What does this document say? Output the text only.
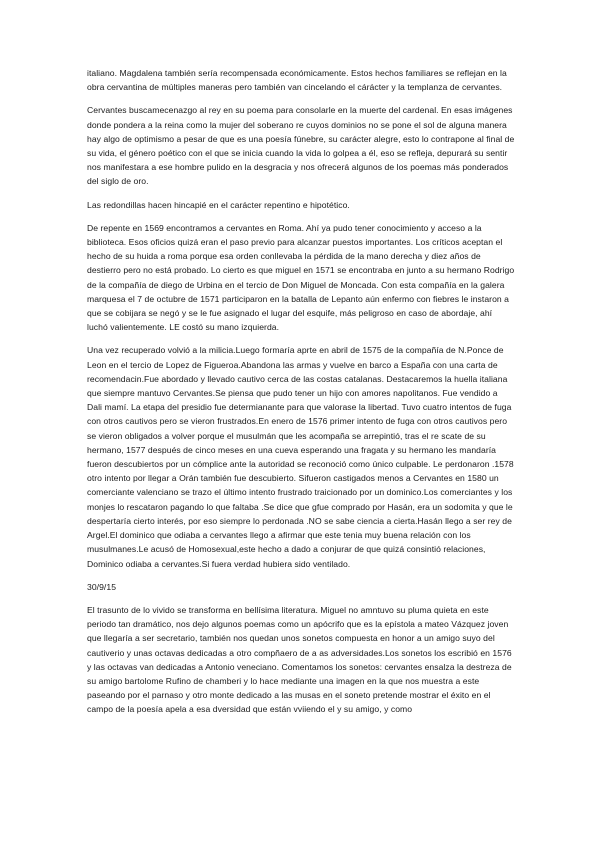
italiano. Magdalena también sería recompensada económicamente. Estos hechos familiares se reflejan en la obra cervantina de múltiples maneras pero también van cincelando el cárácter y la templanza de cervantes.

Cervantes buscamecenazgo al rey en su poema para consolarle en la muerte del cardenal. En esas imágenes donde pondera a la reina como la mujer del soberano re cuyos dominios no se pone el sol de alguna manera hay algo de optimismo a pesar de que es una poesía fúnebre, su carácter alegre, esto lo contrapone al final de su vida, el género poético con el que se inicia cuando la vida lo golpea a él, eso se refleja, depurará su sentir nos manifestara a ese hombre pulido en la desgracia y nos ofrecerá algunos de los poemas más ponderados del siglo de oro.

Las redondillas hacen hincapié en el carácter repentino e hipotético.

De repente en 1569 encontramos a cervantes en Roma. Ahí ya pudo tener conocimiento y acceso a la biblioteca. Esos oficios quizá eran el paso previo para alcanzar puestos importantes. Los críticos aceptan el hecho de su huida a roma porque esa orden conllevaba la pérdida de la mano derecha y diez años de destierro pero no está probado. Lo cierto es que miguel en 1571 se encontraba en junto a su hermano Rodrigo de la compañía de diego de Urbina en el tercio de Don Miguel de Moncada. Con esta compañía en la galera marquesa el 7 de octubre de 1571 participaron en la batalla de Lepanto aún enfermo con fiebres le instaron a que se cobijara se negó y se le fue asignado el lugar del esquife, más peligroso en caso de abordaje, ahí luchó valientemente. LE costó su mano izquierda.

Una vez recuperado volvió a la milicia.Luego formaría aprte en abril de 1575 de la compañía de N.Ponce de Leon en el tercio de Lopez de Figueroa.Abandona las armas y vuelve en barco a España con una carta de recomendacin.Fue abordado y llevado cautivo cerca de las costas catalanas. Destacaremos la huella italiana que siempre mantuvo Cervantes.Se piensa que pudo tener un hijo con amores napolitanos. Fue vendido a Dali mamí. La etapa del presidio fue determianante para que valorase la libertad. Tuvo cuatro intentos de fuga con otros cautivos pero se vieron frustrados.En enero de 1576 primer intento de fuga con otros cautivos pero se vieron obligados a volver porque el musulmán que les acompaña se arrepintió, tras el re scate de su hermano, 1577 después de cinco meses en una cueva esperando una fragata y su hermano les mandaría fueron descubiertos por un cómplice ante la autoridad se reconoció como único culpable. Le perdonaron .1578 otro intento por llegar a Orán también fue descubierto. Sifueron castigados menos a Cervantes en 1580 un comerciante valenciano se trazo el último intento frustrado traicionado por un dominico.Los comerciantes y los monjes lo rescataron pagando lo que faltaba .Se dice que gfue comprado por Hasán, era un sodomita y que le despertaría cierto interés, por eso siempre lo perdonada .NO se sabe ciencia a cierta.Hasán llego a ser rey de Argel.El dominico que odiaba a cervantes llego a afirmar que este tenia muy buena relación con los musulmanes.Le acusó de Homosexual,este hecho a dado a conjurar de que quizá consintió relaciones, Dominico odiaba a cervantes.Si fuera verdad hubiera sido ventilado.

30/9/15

El trasunto de lo vivido se transforma en bellísima literatura. Miguel no amntuvo su pluma quieta en este periodo tan dramático, nos dejo algunos poemas como un apócrifo que es la epístola a mateo Vázquez joven que llegaría a ser secretario, también nos quedan unos sonetos compuesta en honor a un amigo suyo del cautiverio y unas octavas dedicadas a otro compñaero de a as adversidades.Los sonetos los escribió en 1576 y las octavas van dedicadas a Antonio veneciano. Comentamos los sonetos: cervantes ensalza la destreza de su amigo bartolome Rufino de chamberi y lo hace mediante una imagen en la que nos muestra a este paseando por el parnaso y otro monte dedicado a las musas en el soneto pretende mostrar el éxito en el campo de la poesía apela a esa dversidad que están vviiendo el y su amigo, y como
